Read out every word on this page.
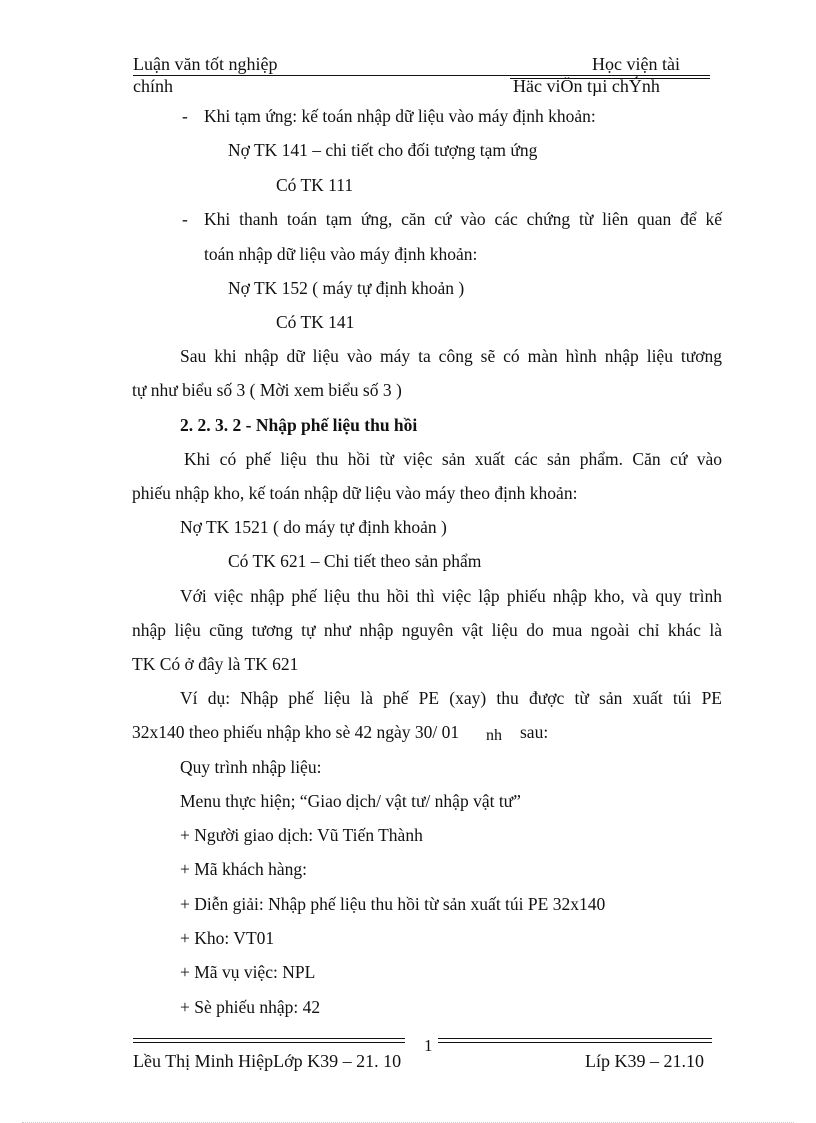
Luận văn tốt nghiệp	Học viện tài
chính	Häc viÖn tµi chÝnh
- Khi tạm ứng: kế toán nhập dữ liệu vào máy định khoản:
Nợ TK 141 – chi tiết cho đối tượng tạm ứng
Có TK 111
- Khi thanh toán tạm ứng, căn cứ vào các chứng từ liên quan để kế
toán nhập dữ liệu vào máy định khoản:
Nợ TK 152 ( máy tự định khoản )
Có TK 141
Sau khi nhập dữ liệu vào máy ta công sẽ có màn hình nhập liệu tương
tự như biểu số 3 ( Mời xem biểu số 3 )
2. 2. 3. 2 - Nhập phế liệu thu hồi
Khi có phế liệu thu hồi từ việc sản xuất các sản phẩm. Căn cứ vào
phiếu nhập kho, kế toán nhập dữ liệu vào máy theo định khoản:
Nợ TK 1521 ( do máy tự định khoản )
Có TK 621 – Chi tiết theo sản phẩm
Với việc nhập phế liệu thu hồi thì việc lập phiếu nhập kho, và quy trình
nhập liệu cũng tương tự như nhập nguyên vật liệu do mua ngoài chỉ khác là
TK Có ở đây là TK 621
Ví dụ: Nhập phế liệu là phế PE (xay) thu được từ sản xuất túi PE
32x140 theo phiếu nhập kho sè 42 ngày 30/ 01 nh sau:
Quy trình nhập liệu:
Menu thực hiện; “Giao dịch/ vật tư/ nhập vật tư”
+ Người giao dịch: Vũ Tiến Thành
+ Mã khách hàng:
+ Diễn giải: Nhập phế liệu thu hồi từ sản xuất túi PE 32x140
+ Kho: VT01
+ Mã vụ việc: NPL
+ Sè phiếu nhập: 42
1
Lều Thị Minh HiệpLớp K39 – 21. 10	Líp K39 – 21.10
